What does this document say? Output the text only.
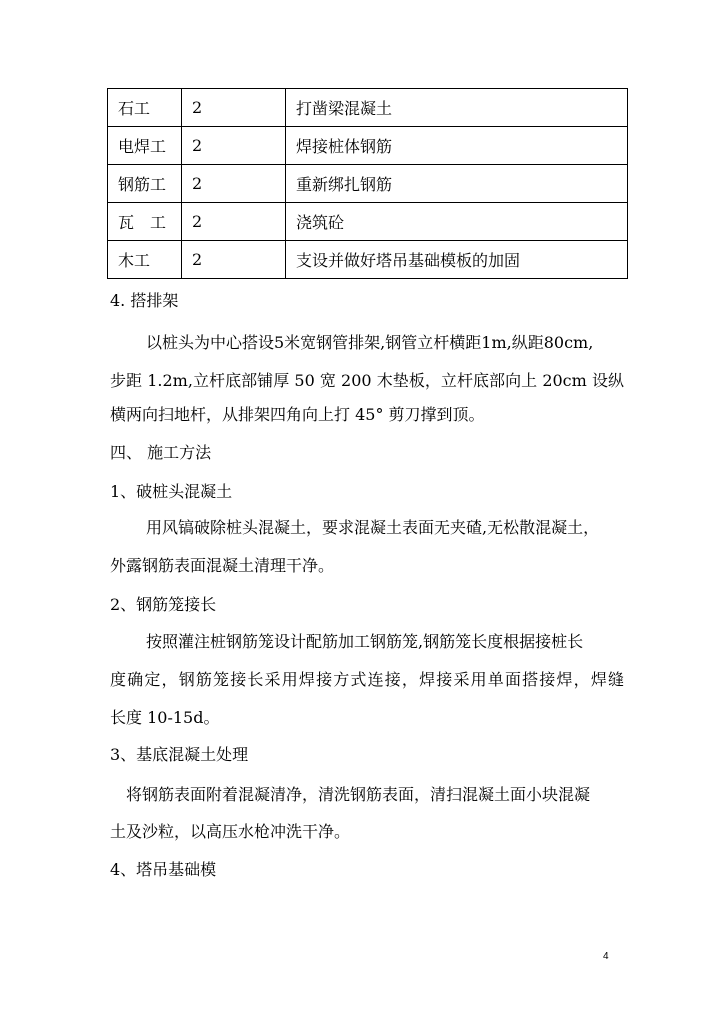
石工	2	打凿梁混凝土
电焊工	2	焊接桩体钢筋
钢筋工	2	重新绑扎钢筋
瓦　工	2	浇筑砼
木工	2	支设并做好塔吊基础模板的加固
4. 搭排架
以桩头为中心搭设5米宽钢管排架,钢管立杆横距1m,纵距80cm,
步距 1.2m,立杆底部铺厚 50 宽 200 木垫板，立杆底部向上 20cm 设纵
横两向扫地杆，从排架四角向上打 45° 剪刀撑到顶。
四、 施工方法
1、破桩头混凝土
用风镐破除桩头混凝土，要求混凝土表面无夹碴,无松散混凝土，
外露钢筋表面混凝土清理干净。
2、钢筋笼接长
按照灌注桩钢筋笼设计配筋加工钢筋笼,钢筋笼长度根据接桩长
度确定，钢筋笼接长采用焊接方式连接，焊接采用单面搭接焊，焊缝
长度 10-15d。
3、基底混凝土处理
将钢筋表面附着混凝清净，清洗钢筋表面，清扫混凝土面小块混凝
土及沙粒，以高压水枪冲洗干净。
4、塔吊基础模
4
